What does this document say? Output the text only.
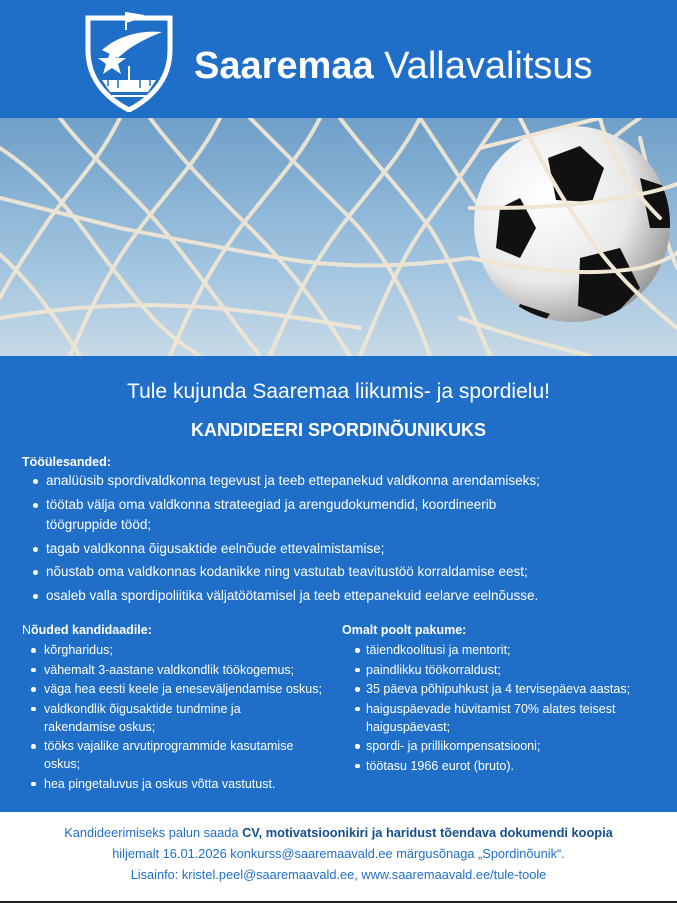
Saaremaa Vallavalitsus
Tule kujunda Saaremaa liikumis- ja spordielu!
KANDIDEERI SPORDINÕUNIKUKS
Tööülesanded:
analüüsib spordivaldkonna tegevust ja teeb ettepanekud valdkonna arendamiseks;
töötab välja oma valdkonna strateegiad ja arengudokumendid, koordineerib töögruppide tööd;
tagab valdkonna õigusaktide eelnõude ettevalmistamise;
nõustab oma valdkonnas kodanikke ning vastutab teavitustöö korraldamise eest;
osaleb valla spordipoliitika väljatöötamisel ja teeb ettepanekuid eelarve eelnõusse.
Nõuded kandidaadile:
kõrgharidus;
vähemalt 3-aastane valdkondlik töökogemus;
väga hea eesti keele ja eneseväljendamise oskus;
valdkondlik õigusaktide tundmine ja rakendamise oskus;
tööks vajalike arvutiprogrammide kasutamise oskus;
hea pingetaluvus ja oskus võtta vastutust.
Omalt poolt pakume:
täiendkoolitusi ja mentorit;
paindlikku töökorraldust;
35 päeva põhipuhkust ja 4 tervisepäeva aastas;
haiguspäevade hüvitamist 70% alates teisest haiguspäevast;
spordi- ja prillikompensatsiooni;
töötasu 1966 eurot (bruto).
Kandideerimiseks palun saada CV, motivatsioonikiri ja haridust tõendava dokumendi koopia
hiljemalt 16.01.2026 konkurss@saaremaavald.ee märgusõnaga „Spordinõunik“.
Lisainfo: kristel.peel@saaremaavald.ee, www.saaremaavald.ee/tule-toole
